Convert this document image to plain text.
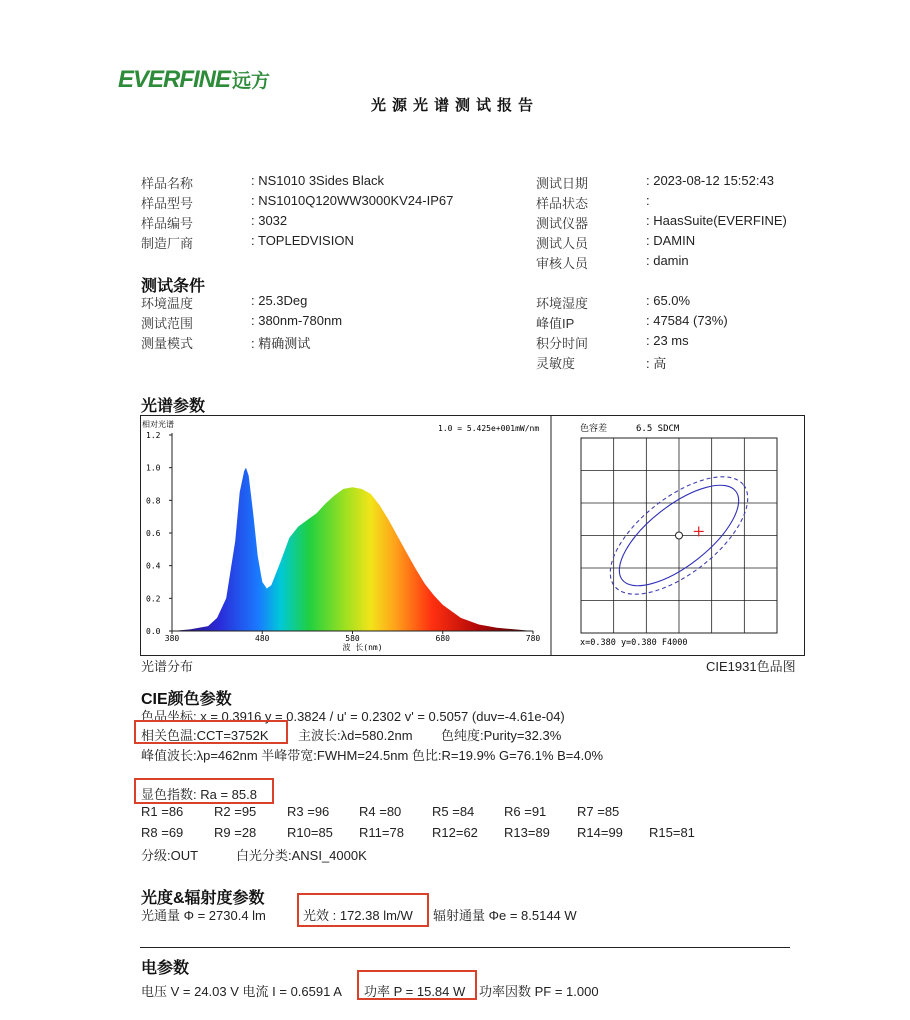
EVERFINE 远方
光源光谱测试报告
样品名称	: NS1010 3Sides Black
样品型号	: NS1010Q120WW3000KV24-IP67
样品编号	: 3032
制造厂商	: TOPLEDVISION
测试日期	: 2023-08-12 15:52:43
样品状态	:
测试仪器	: HaasSuite(EVERFINE)
测试人员	: DAMIN
审核人员	: damin
测试条件
环境温度	: 25.3Deg
测试范围	: 380nm-780nm
测量模式	: 精确测试
环境湿度	: 65.0%
峰值IP	: 47584 (73%)
积分时间	: 23 ms
灵敏度	: 高
光谱参数
相对光谱	1.0 = 5.425e+001mW/nm
0.0
0.2
0.4
0.6
0.8
1.0
1.2
380	480	580	680	780
波 长(nm)
色容差	6.5 SDCM
x=0.380 y=0.380 F4000
光谱分布	CIE1931色品图
CIE颜色参数
色品坐标: x = 0.3916 y = 0.3824 / u' = 0.2302 v' = 0.5057 (duv=-4.61e-04)
相关色温:CCT=3752K 主波长:λd=580.2nm 色纯度:Purity=32.3%
峰值波长:λp=462nm 半峰带宽:FWHM=24.5nm 色比:R=19.9% G=76.1% B=4.0%
显色指数: Ra = 85.8
R1 =86 R2 =95 R3 =96 R4 =80 R5 =84 R6 =91 R7 =85
R8 =69 R9 =28 R10=85 R11=78 R12=62 R13=89 R14=99 R15=81
分级:OUT	白光分类:ANSI_4000K
光度&辐射度参数
光通量 Φ = 2730.4 lm	光效 : 172.38 lm/W 辐射通量 Φe = 8.5144 W
电参数
电压 V = 24.03 V 电流 I = 0.6591 A 功率 P = 15.84 W 功率因数 PF = 1.000
